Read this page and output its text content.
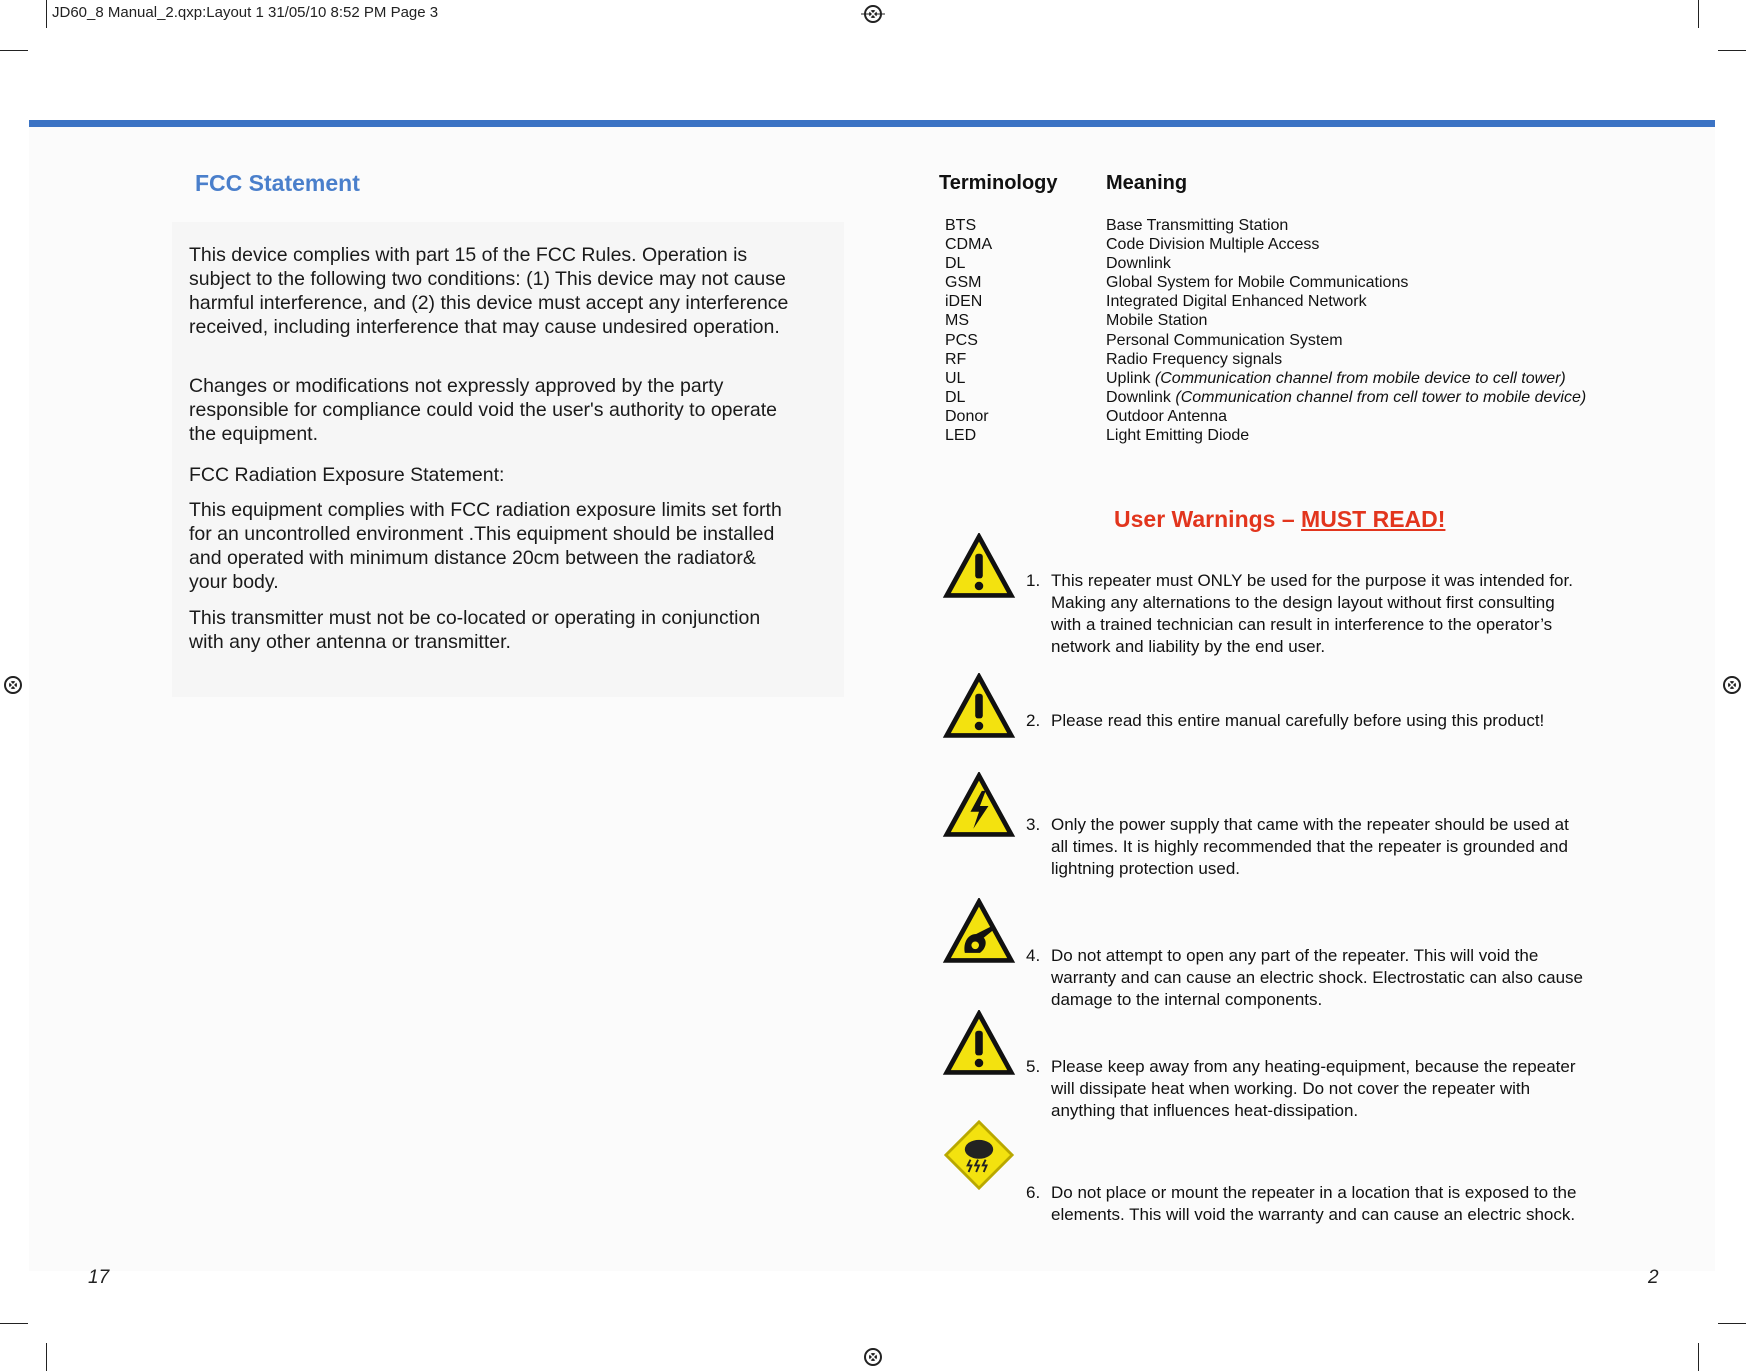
JD60_8 Manual_2.qxp:Layout 1 31/05/10 8:52 PM Page 3
FCC Statement
This device complies with part 15 of the FCC Rules. Operation is subject to the following two conditions: (1) This device may not cause harmful interference, and (2) this device must accept any interference received, including interference that may cause undesired operation.
Changes or modifications not expressly approved by the party responsible for compliance could void the user's authority to operate the equipment.
FCC Radiation Exposure Statement:
This equipment complies with FCC radiation exposure limits set forth for an uncontrolled environment .This equipment should be installed and operated with minimum distance 20cm between the radiator& your body.
This transmitter must not be co-located or operating in conjunction with any other antenna or transmitter.
Terminology Meaning
BTS	Base Transmitting Station
CDMA	Code Division Multiple Access
DL	Downlink
GSM	Global System for Mobile Communications
iDEN	Integrated Digital Enhanced Network
MS	Mobile Station
PCS	Personal Communication System
RF	Radio Frequency signals
UL	Uplink (Communication channel from mobile device to cell tower)
DL	Downlink (Communication channel from cell tower to mobile device)
Donor	Outdoor Antenna
LED	Light Emitting Diode
User Warnings – MUST READ!
1. This repeater must ONLY be used for the purpose it was intended for. Making any alternations to the design layout without first consulting with a trained technician can result in interference to the operator’s network and liability by the end user.
2. Please read this entire manual carefully before using this product!
3. Only the power supply that came with the repeater should be used at all times. It is highly recommended that the repeater is grounded and lightning protection used.
4. Do not attempt to open any part of the repeater. This will void the warranty and can cause an electric shock. Electrostatic can also cause damage to the internal components.
5. Please keep away from any heating-equipment, because the repeater will dissipate heat when working. Do not cover the repeater with anything that influences heat-dissipation.
6. Do not place or mount the repeater in a location that is exposed to the elements. This will void the warranty and can cause an electric shock.
17	2
